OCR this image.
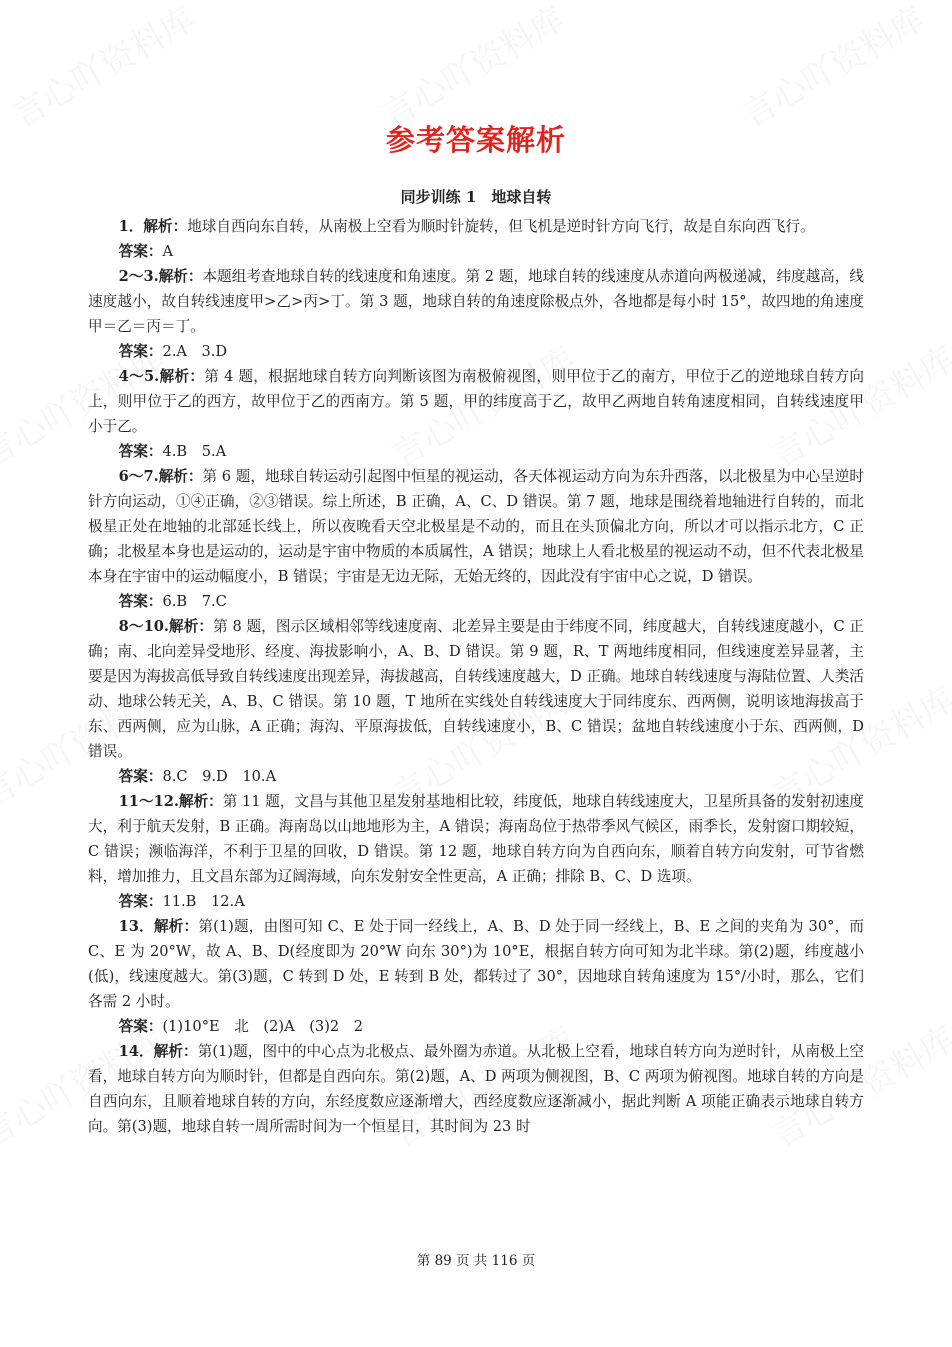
参考答案解析
同步训练 1　地球自转

1．解析：地球自西向东自转，从南极上空看为顺时针旋转，但飞机是逆时针方向飞行，故是自东向西飞行。

答案：A

2～3.解析：本题组考查地球自转的线速度和角速度。第 2 题，地球自转的线速度从赤道向两极递减，纬度越高，线速度越小，故自转线速度甲>乙>丙>丁。第 3 题，地球自转的角速度除极点外，各地都是每小时 15°，故四地的角速度甲＝乙＝丙＝丁。

答案：2.A　3.D

4～5.解析：第 4 题，根据地球自转方向判断该图为南极俯视图，则甲位于乙的南方，甲位于乙的逆地球自转方向上，则甲位于乙的西方，故甲位于乙的西南方。第 5 题，甲的纬度高于乙，故甲乙两地自转角速度相同，自转线速度甲小于乙。

答案：4.B　5.A

6～7.解析：第 6 题，地球自转运动引起图中恒星的视运动，各天体视运动方向为东升西落，以北极星为中心呈逆时针方向运动，①④正确，②③错误。综上所述，B 正确，A、C、D 错误。第 7 题，地球是围绕着地轴进行自转的，而北极星正处在地轴的北部延长线上，所以夜晚看天空北极星是不动的，而且在头顶偏北方向，所以才可以指示北方，C 正确；北极星本身也是运动的，运动是宇宙中物质的本质属性，A 错误；地球上人看北极星的视运动不动，但不代表北极星本身在宇宙中的运动幅度小，B 错误；宇宙是无边无际，无始无终的，因此没有宇宙中心之说，D 错误。

答案：6.B　7.C

8～10.解析：第 8 题，图示区域相邻等线速度南、北差异主要是由于纬度不同，纬度越大，自转线速度越小，C 正确；南、北向差异受地形、经度、海拔影响小，A、B、D 错误。第 9 题，R、T 两地纬度相同，但线速度差异显著，主要是因为海拔高低导致自转线速度出现差异，海拔越高，自转线速度越大，D 正确。地球自转线速度与海陆位置、人类活动、地球公转无关，A、B、C 错误。第 10 题，T 地所在实线处自转线速度大于同纬度东、西两侧，说明该地海拔高于东、西两侧，应为山脉，A 正确；海沟、平原海拔低，自转线速度小，B、C 错误；盆地自转线速度小于东、西两侧，D 错误。

答案：8.C　9.D　10.A

11～12.解析：第 11 题，文昌与其他卫星发射基地相比较，纬度低，地球自转线速度大，卫星所具备的发射初速度大，利于航天发射，B 正确。海南岛以山地地形为主，A 错误；海南岛位于热带季风气候区，雨季长，发射窗口期较短，C 错误；濒临海洋，不利于卫星的回收，D 错误。第 12 题，地球自转方向为自西向东，顺着自转方向发射，可节省燃料，增加推力，且文昌东部为辽阔海域，向东发射安全性更高，A 正确；排除 B、C、D 选项。

答案：11.B　12.A

13．解析：第(1)题，由图可知 C、E 处于同一经线上，A、B、D 处于同一经线上，B、E 之间的夹角为 30°，而 C、E 为 20°W，故 A、B、D(经度即为 20°W 向东 30°)为 10°E，根据自转方向可知为北半球。第(2)题，纬度越小(低)，线速度越大。第(3)题，C 转到 D 处，E 转到 B 处，都转过了 30°，因地球自转角速度为 15°/小时，那么，它们各需 2 小时。

答案：(1)10°E　北　(2)A　(3)2　2

14．解析：第(1)题，图中的中心点为北极点、最外圈为赤道。从北极上空看，地球自转方向为逆时针，从南极上空看，地球自转方向为顺时针，但都是自西向东。第(2)题，A、D 两项为侧视图，B、C 两项为俯视图。地球自转的方向是自西向东，且顺着地球自转的方向，东经度数应逐渐增大，西经度数应逐渐减小，据此判断 A 项能正确表示地球自转方向。第(3)题，地球自转一周所需时间为一个恒星日，其时间为 23 时

第 89 页 共 116 页
